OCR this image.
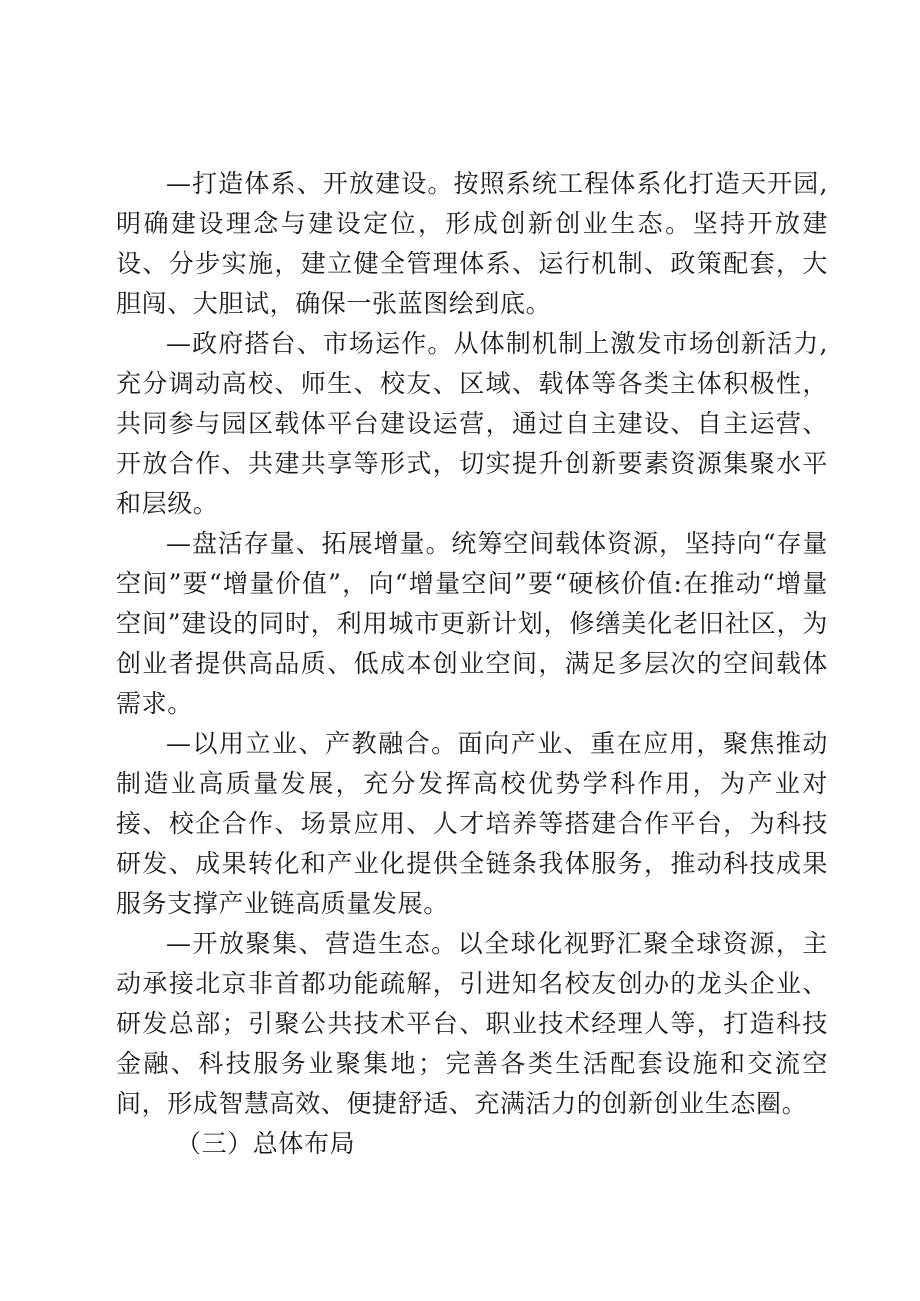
—打造体系、开放建设。按照系统工程体系化打造天开园,明确建设理念与建设定位，形成创新创业生态。坚持开放建设、分步实施，建立健全管理体系、运行机制、政策配套，大胆闯、大胆试，确保一张蓝图绘到底。

—政府搭台、市场运作。从体制机制上激发市场创新活力,充分调动高校、师生、校友、区域、载体等各类主体积极性，共同参与园区载体平台建设运营，通过自主建设、自主运营、开放合作、共建共享等形式，切实提升创新要素资源集聚水平和层级。

—盘活存量、拓展增量。统筹空间载体资源，坚持向“存量空间”要“增量价值”，向“增量空间”要“硬核价值:在推动“增量空间”建设的同时，利用城市更新计划，修缮美化老旧社区，为创业者提供高品质、低成本创业空间，满足多层次的空间载体需求。

—以用立业、产教融合。面向产业、重在应用，聚焦推动制造业高质量发展，充分发挥高校优势学科作用，为产业对接、校企合作、场景应用、人才培养等搭建合作平台，为科技研发、成果转化和产业化提供全链条我体服务，推动科技成果服务支撑产业链高质量发展。

—开放聚集、营造生态。以全球化视野汇聚全球资源，主动承接北京非首都功能疏解，引进知名校友创办的龙头企业、研发总部；引聚公共技术平台、职业技术经理人等，打造科技金融、科技服务业聚集地；完善各类生活配套设施和交流空间，形成智慧高效、便捷舒适、充满活力的创新创业生态圈。

（三）总体布局
